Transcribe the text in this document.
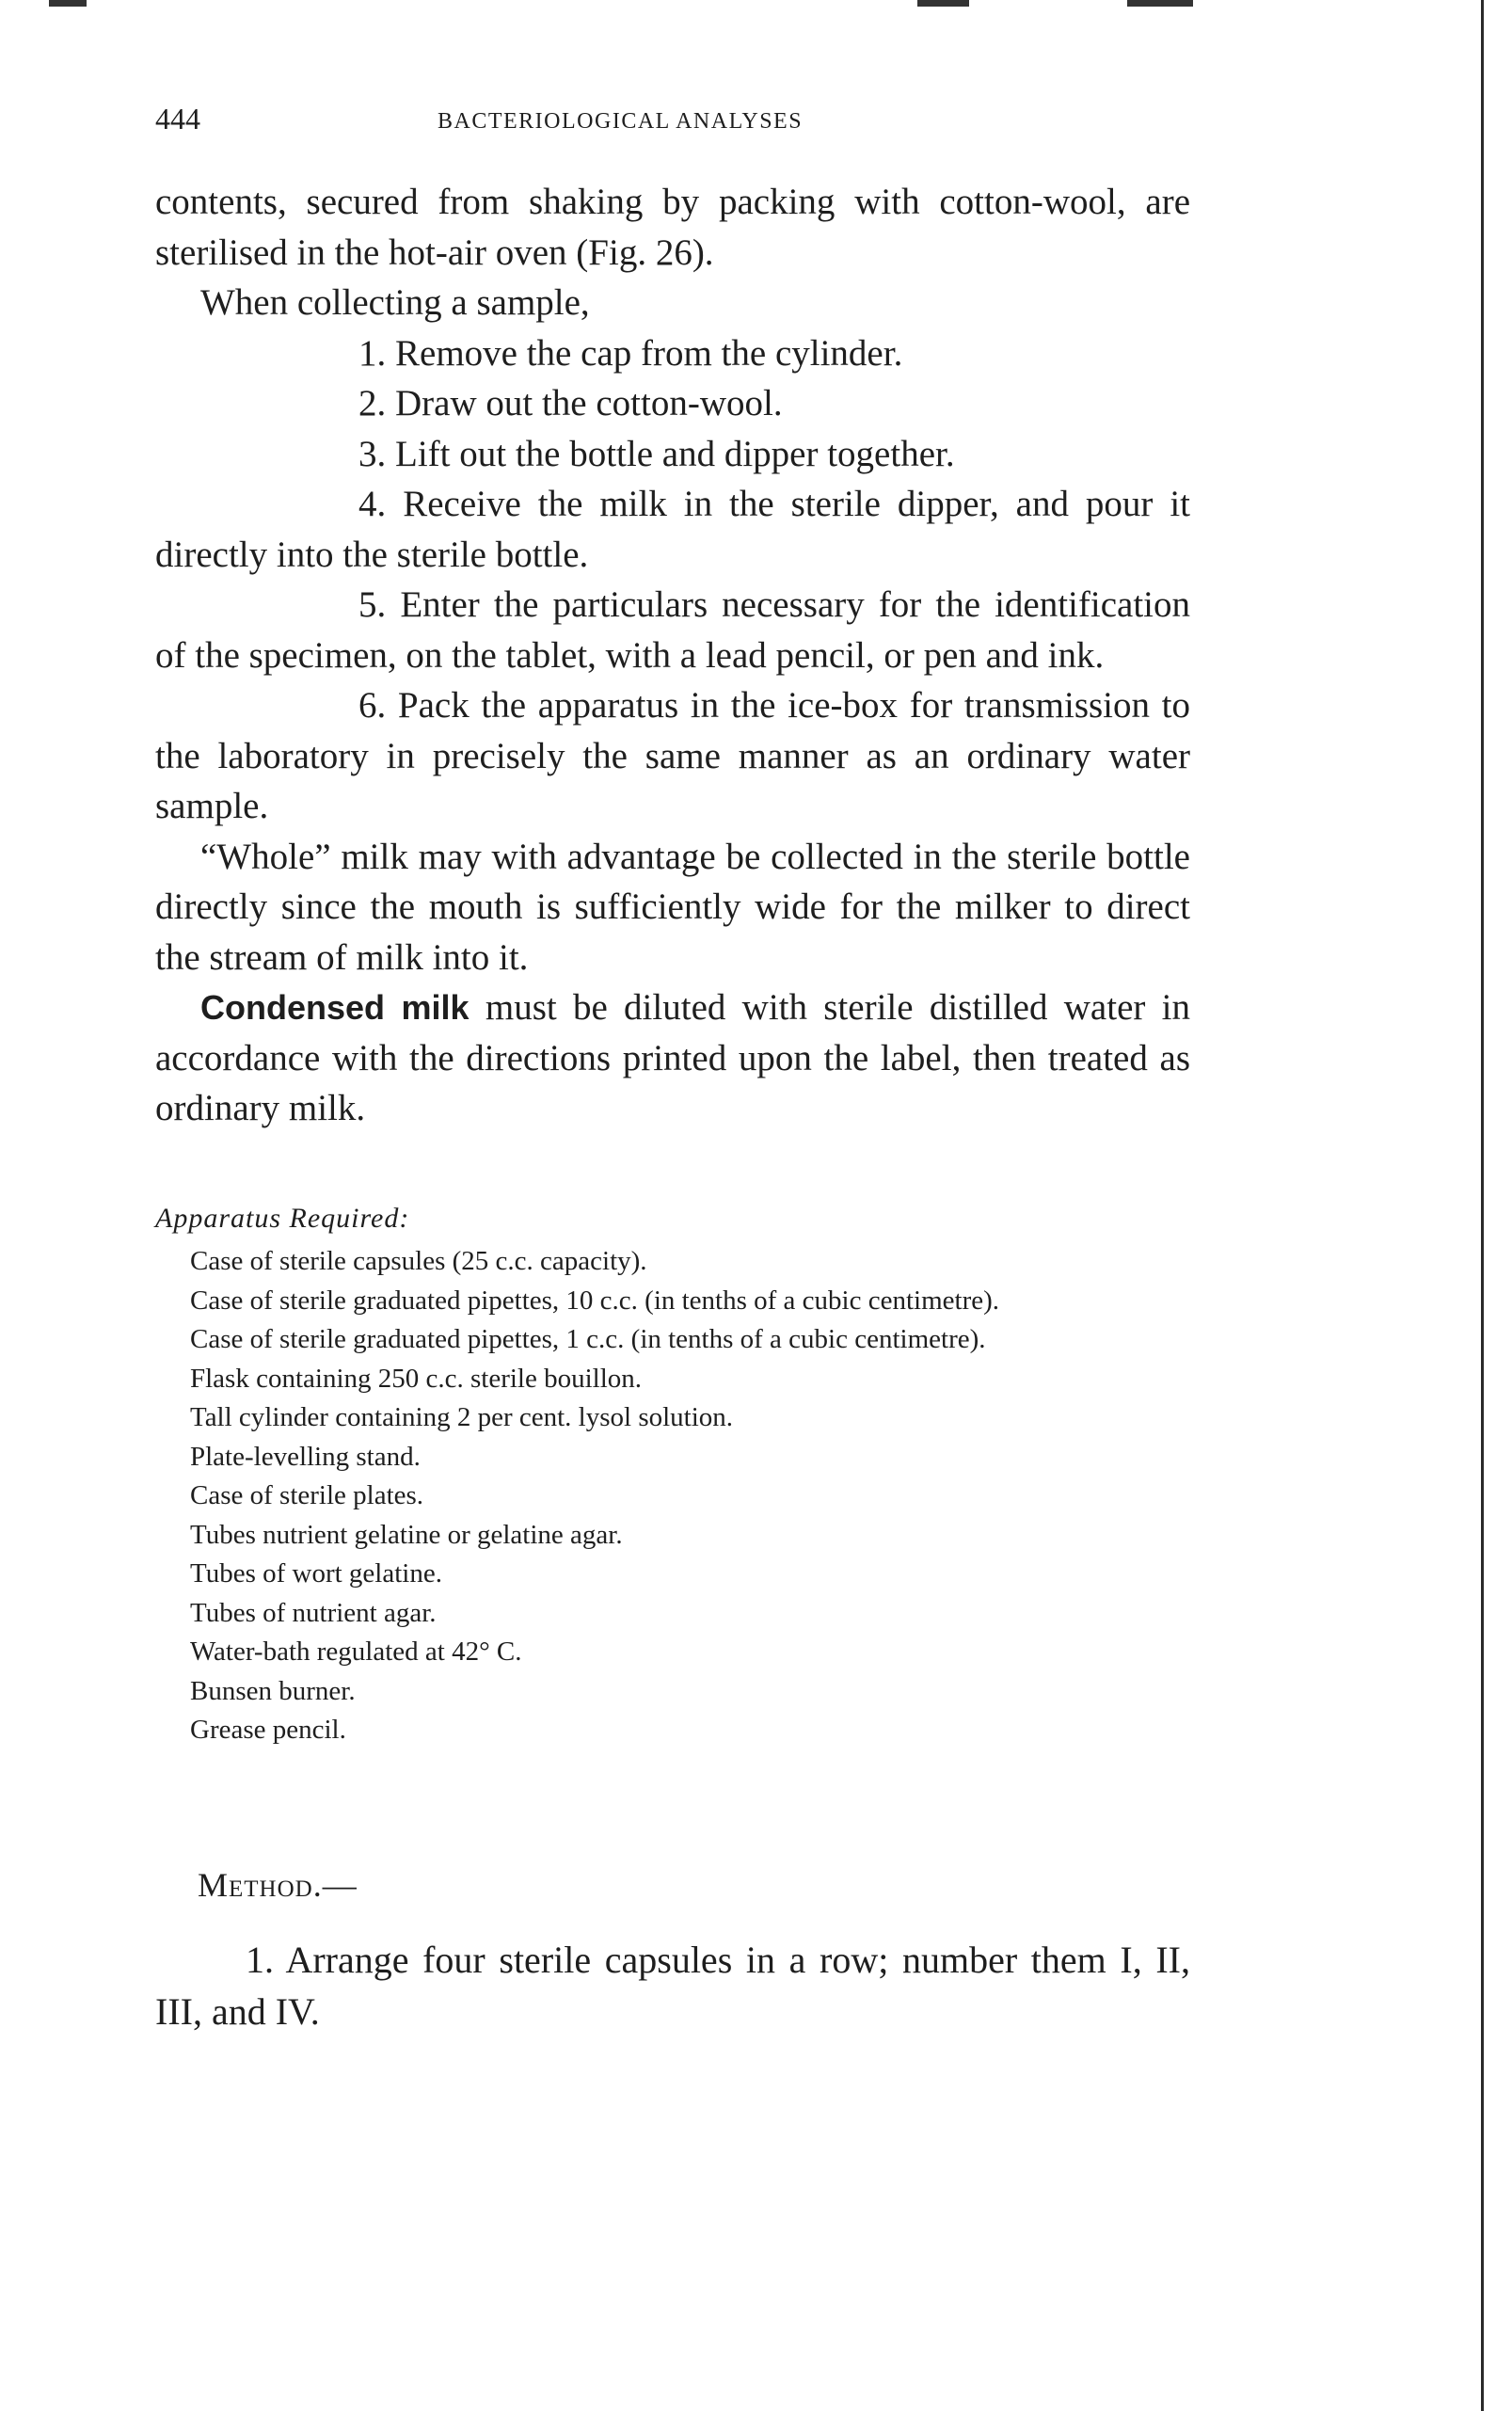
444	BACTERIOLOGICAL ANALYSES

contents, secured from shaking by packing with cotton-wool, are sterilised in the hot-air oven (Fig. 26).

When collecting a sample,

1. Remove the cap from the cylinder.

2. Draw out the cotton-wool.

3. Lift out the bottle and dipper together.

4. Receive the milk in the sterile dipper, and pour it directly into the sterile bottle.

5. Enter the particulars necessary for the identification of the specimen, on the tablet, with a lead pencil, or pen and ink.

6. Pack the apparatus in the ice-box for transmission to the laboratory in precisely the same manner as an ordinary water sample.

“Whole” milk may with advantage be collected in the sterile bottle directly since the mouth is sufficiently wide for the milker to direct the stream of milk into it.

Condensed milk must be diluted with sterile distilled water in accordance with the directions printed upon the label, then treated as ordinary milk.

Apparatus Required:
Case of sterile capsules (25 c.c. capacity).
Case of sterile graduated pipettes, 10 c.c. (in tenths of a cubic centimetre).
Case of sterile graduated pipettes, 1 c.c. (in tenths of a cubic centimetre).
Flask containing 250 c.c. sterile bouillon.
Tall cylinder containing 2 per cent. lysol solution.
Plate-levelling stand.
Case of sterile plates.
Tubes nutrient gelatine or gelatine agar.
Tubes of wort gelatine.
Tubes of nutrient agar.
Water-bath regulated at 42° C.
Bunsen burner.
Grease pencil.
Method.—

1. Arrange four sterile capsules in a row; number them I, II, III, and IV.
